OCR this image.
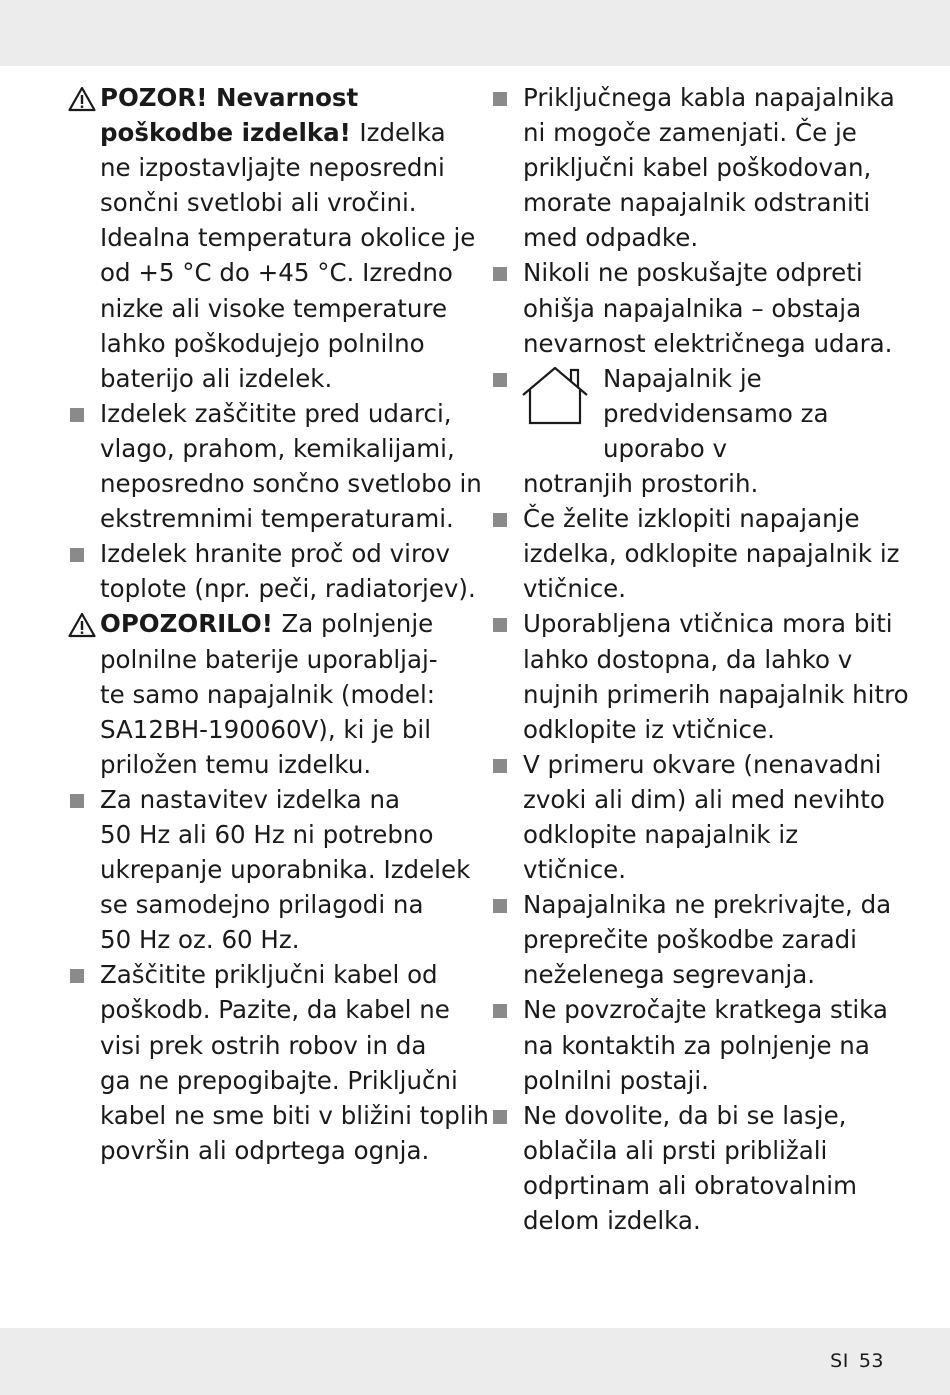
POZOR! Nevarnost
poškodbe izdelka! Izdelka
ne izpostavljajte neposredni
sončni svetlobi ali vročini.
Idealna temperatura okolice je
od +5 °C do +45 °C. Izredno
nizke ali visoke temperature
lahko poškodujejo polnilno
baterijo ali izdelek.
Izdelek zaščitite pred udarci,
vlago, prahom, kemikalijami,
neposredno sončno svetlobo in
ekstremnimi temperaturami.
Izdelek hranite proč od virov
toplote (npr. peči, radiatorjev).
OPOZORILO! Za polnjenje
polnilne baterije uporabljaj-
te samo napajalnik (model:
SA12BH-190060V), ki je bil
priložen temu izdelku.
Za nastavitev izdelka na
50 Hz ali 60 Hz ni potrebno
ukrepanje uporabnika. Izdelek
se samodejno prilagodi na
50 Hz oz. 60 Hz.
Zaščitite priključni kabel od
poškodb. Pazite, da kabel ne
visi prek ostrih robov in da
ga ne prepogibajte. Priključni
kabel ne sme biti v bližini toplih
površin ali odprtega ognja.
Priključnega kabla napajalnika
ni mogoče zamenjati. Če je
priključni kabel poškodovan,
morate napajalnik odstraniti
med odpadke.
Nikoli ne poskušajte odpreti
ohišja napajalnika – obstaja
nevarnost električnega udara.
Napajalnik je predvidensamo za uporabo v
notranjih prostorih.
Če želite izklopiti napajanje
izdelka, odklopite napajalnik iz
vtičnice.
Uporabljena vtičnica mora biti
lahko dostopna, da lahko v
nujnih primerih napajalnik hitro
odklopite iz vtičnice.
V primeru okvare (nenavadni
zvoki ali dim) ali med nevihto
odklopite napajalnik iz
vtičnice.
Napajalnika ne prekrivajte, da
preprečite poškodbe zaradi
neželenega segrevanja.
Ne povzročajte kratkega stika
na kontaktih za polnjenje na
polnilni postaji.
Ne dovolite, da bi se lasje,
oblačila ali prsti približali
odprtinam ali obratovalnim
delom izdelka.
SI 53
